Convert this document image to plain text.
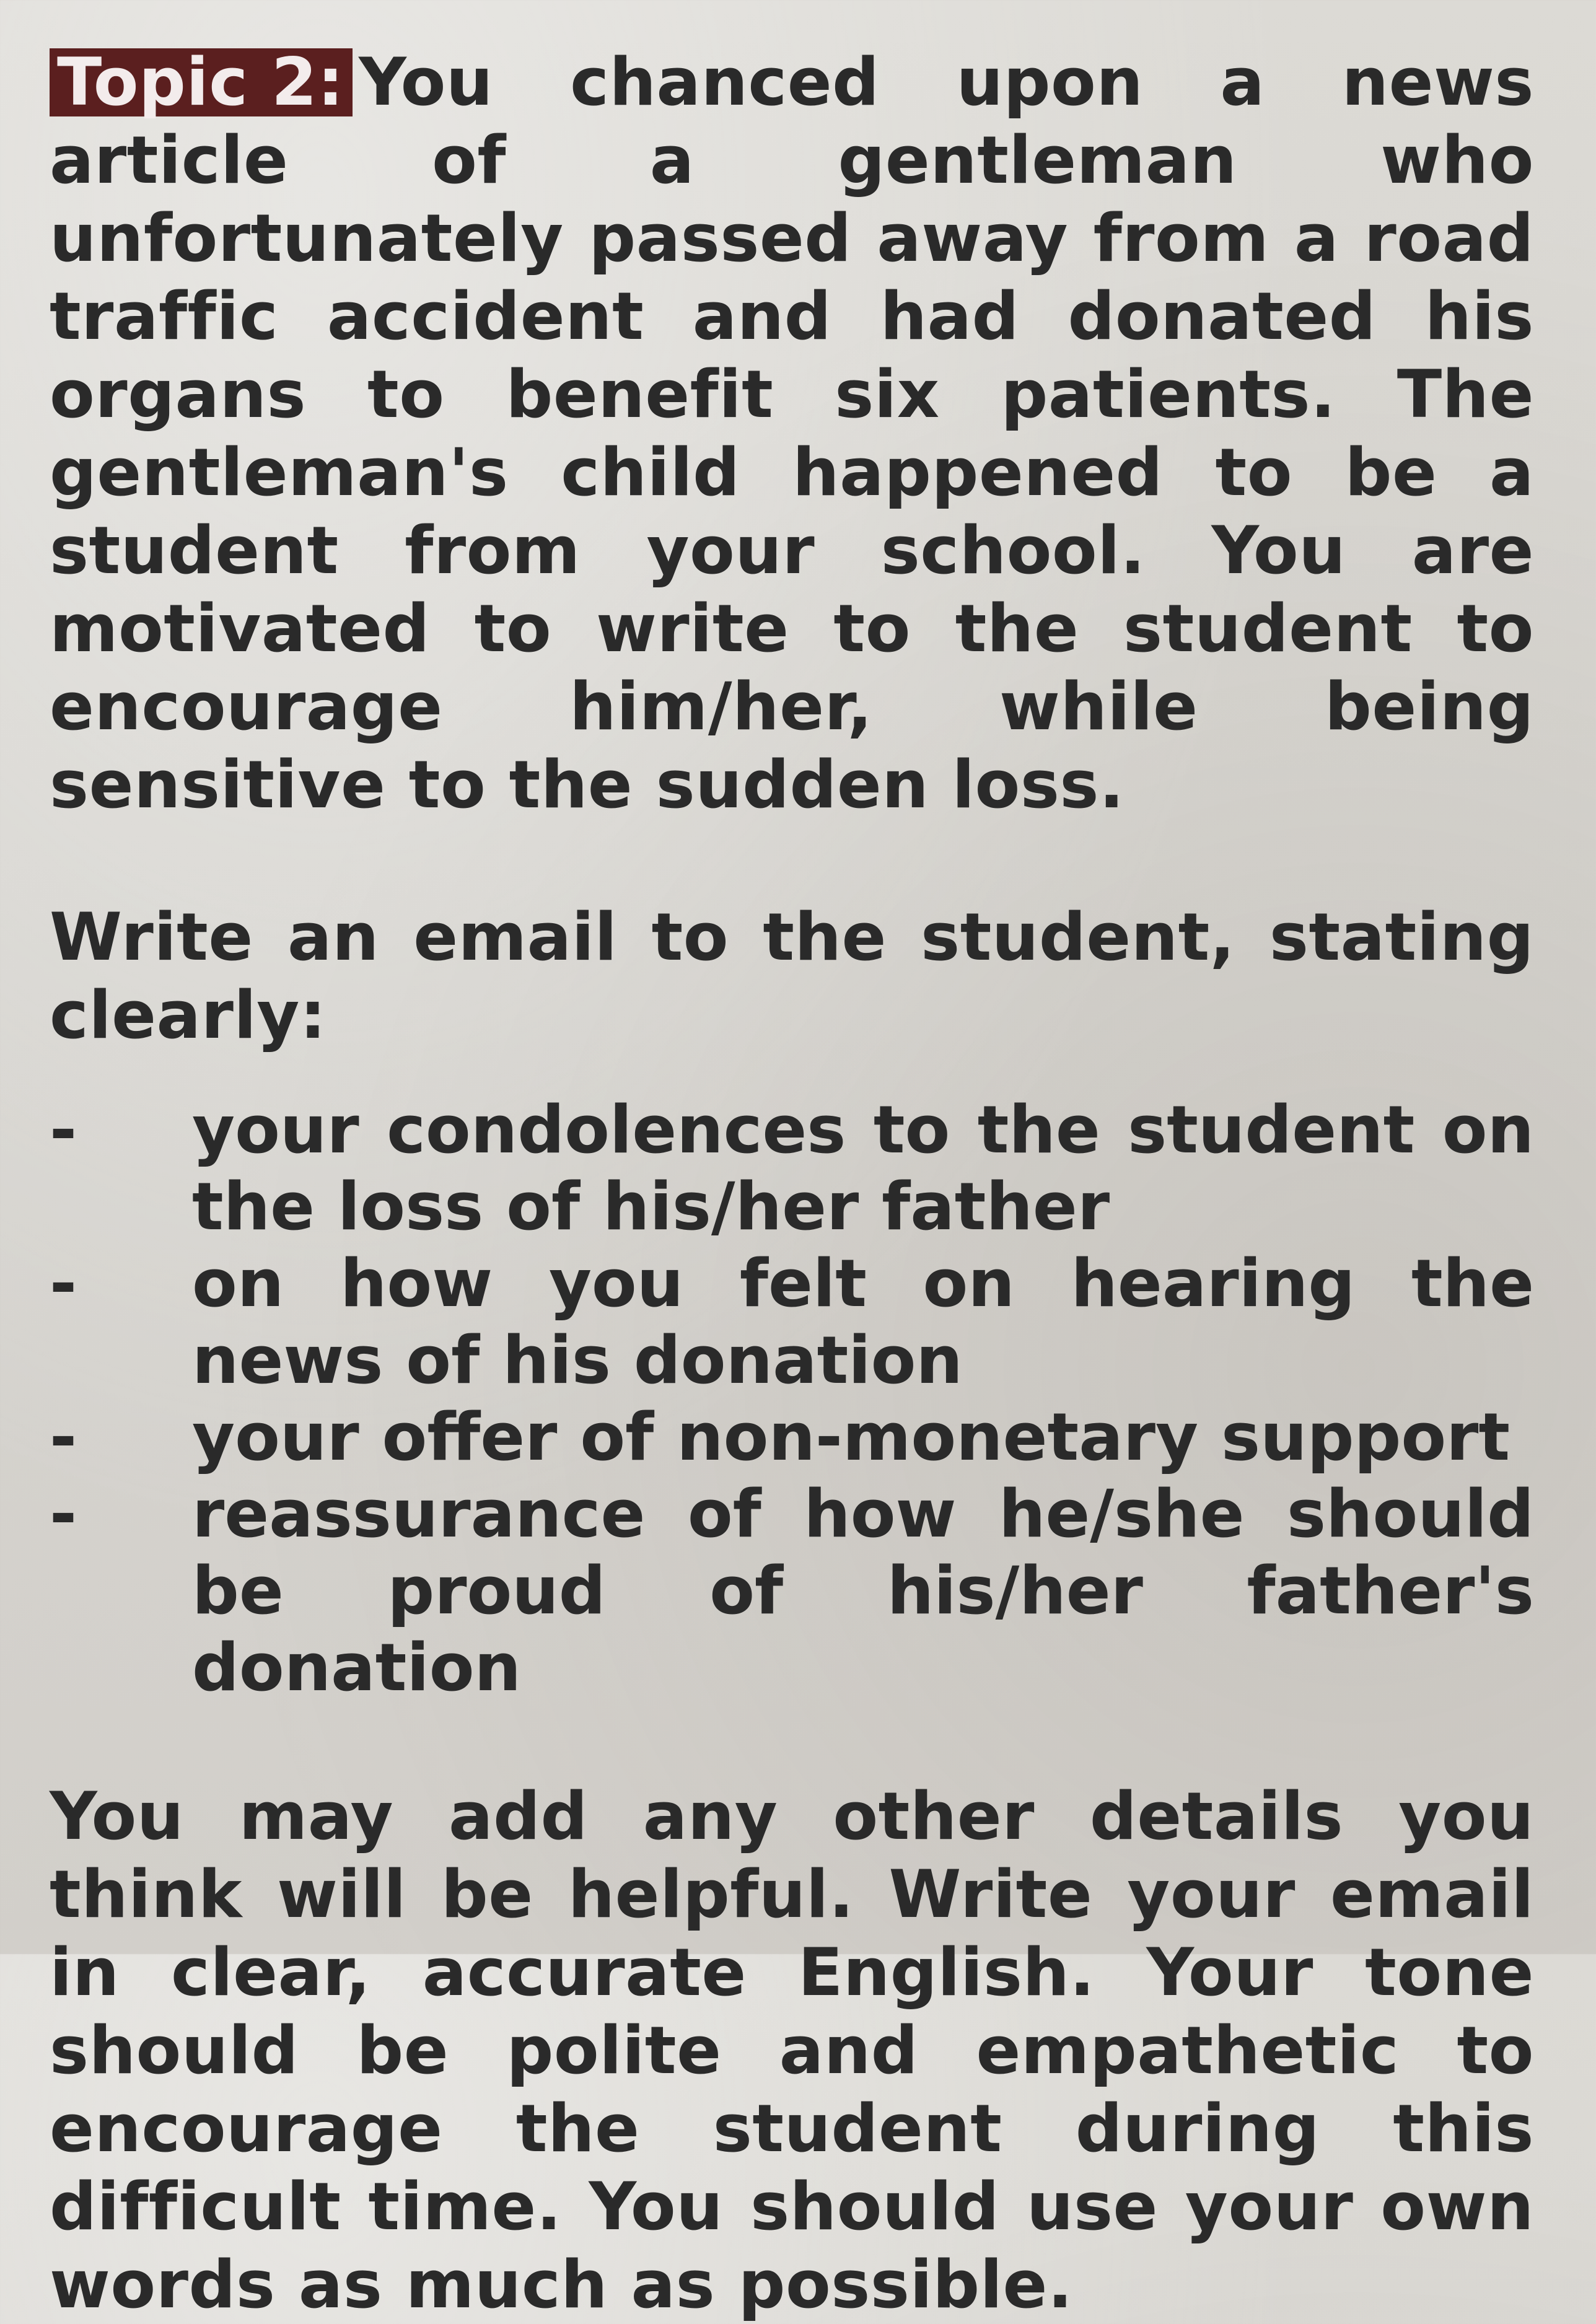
Topic 2: You chanced upon a news article of a gentleman who unfortunately passed away from a road traffic accident and had donated his organs to benefit six patients. The gentleman's child happened to be a student from your school. You are motivated to write to the student to encourage him/her, while being sensitive to the sudden loss.

Write an email to the student, stating clearly:

- your condolences to the student on the loss of his/her father
- on how you felt on hearing the news of his donation
- your offer of non-monetary support
- reassurance of how he/she should be proud of his/her father's donation

You may add any other details you think will be helpful. Write your email in clear, accurate English. Your tone should be polite and empathetic to encourage the student during this difficult time. You should use your own words as much as possible.
